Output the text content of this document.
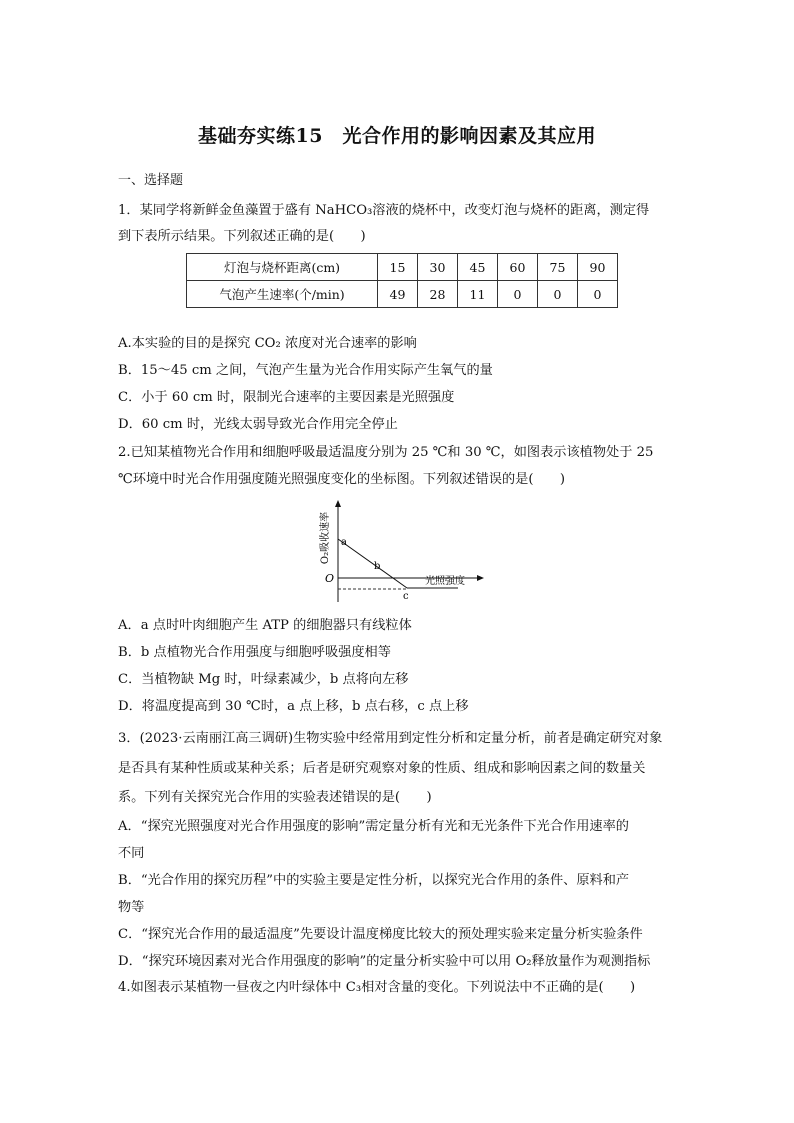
基础夯实练15　光合作用的影响因素及其应用
一、选择题
1．某同学将新鲜金鱼藻置于盛有 NaHCO₃溶液的烧杯中，改变灯泡与烧杯的距离，测定得
到下表所示结果。下列叙述正确的是(　　)
灯泡与烧杯距离(cm)	15	30	45	60	75	90
气泡产生速率(个/min)	49	28	11	0	0	0
A.本实验的目的是探究 CO₂ 浓度对光合速率的影响
B．15～45 cm 之间，气泡产生量为光合作用实际产生氧气的量
C．小于 60 cm 时，限制光合速率的主要因素是光照强度
D．60 cm 时，光线太弱导致光合作用完全停止
2.已知某植物光合作用和细胞呼吸最适温度分别为 25 ℃和 30 ℃，如图表示该植物处于 25
℃环境中时光合作用强度随光照强度变化的坐标图。下列叙述错误的是(　　)
O₂吸收速率
光照强度
O
a
b
c
A．a 点时叶肉细胞产生 ATP 的细胞器只有线粒体
B．b 点植物光合作用强度与细胞呼吸强度相等
C．当植物缺 Mg 时，叶绿素减少，b 点将向左移
D．将温度提高到 30 ℃时，a 点上移，b 点右移，c 点上移
3．(2023·云南丽江高三调研)生物实验中经常用到定性分析和定量分析，前者是确定研究对象
是否具有某种性质或某种关系；后者是研究观察对象的性质、组成和影响因素之间的数量关
系。下列有关探究光合作用的实验表述错误的是(　　)
A．“探究光照强度对光合作用强度的影响”需定量分析有光和无光条件下光合作用速率的
不同
B．“光合作用的探究历程”中的实验主要是定性分析，以探究光合作用的条件、原料和产
物等
C．“探究光合作用的最适温度”先要设计温度梯度比较大的预处理实验来定量分析实验条件
D．“探究环境因素对光合作用强度的影响”的定量分析实验中可以用 O₂释放量作为观测指标
4.如图表示某植物一昼夜之内叶绿体中 C₃相对含量的变化。下列说法中不正确的是(　　)
